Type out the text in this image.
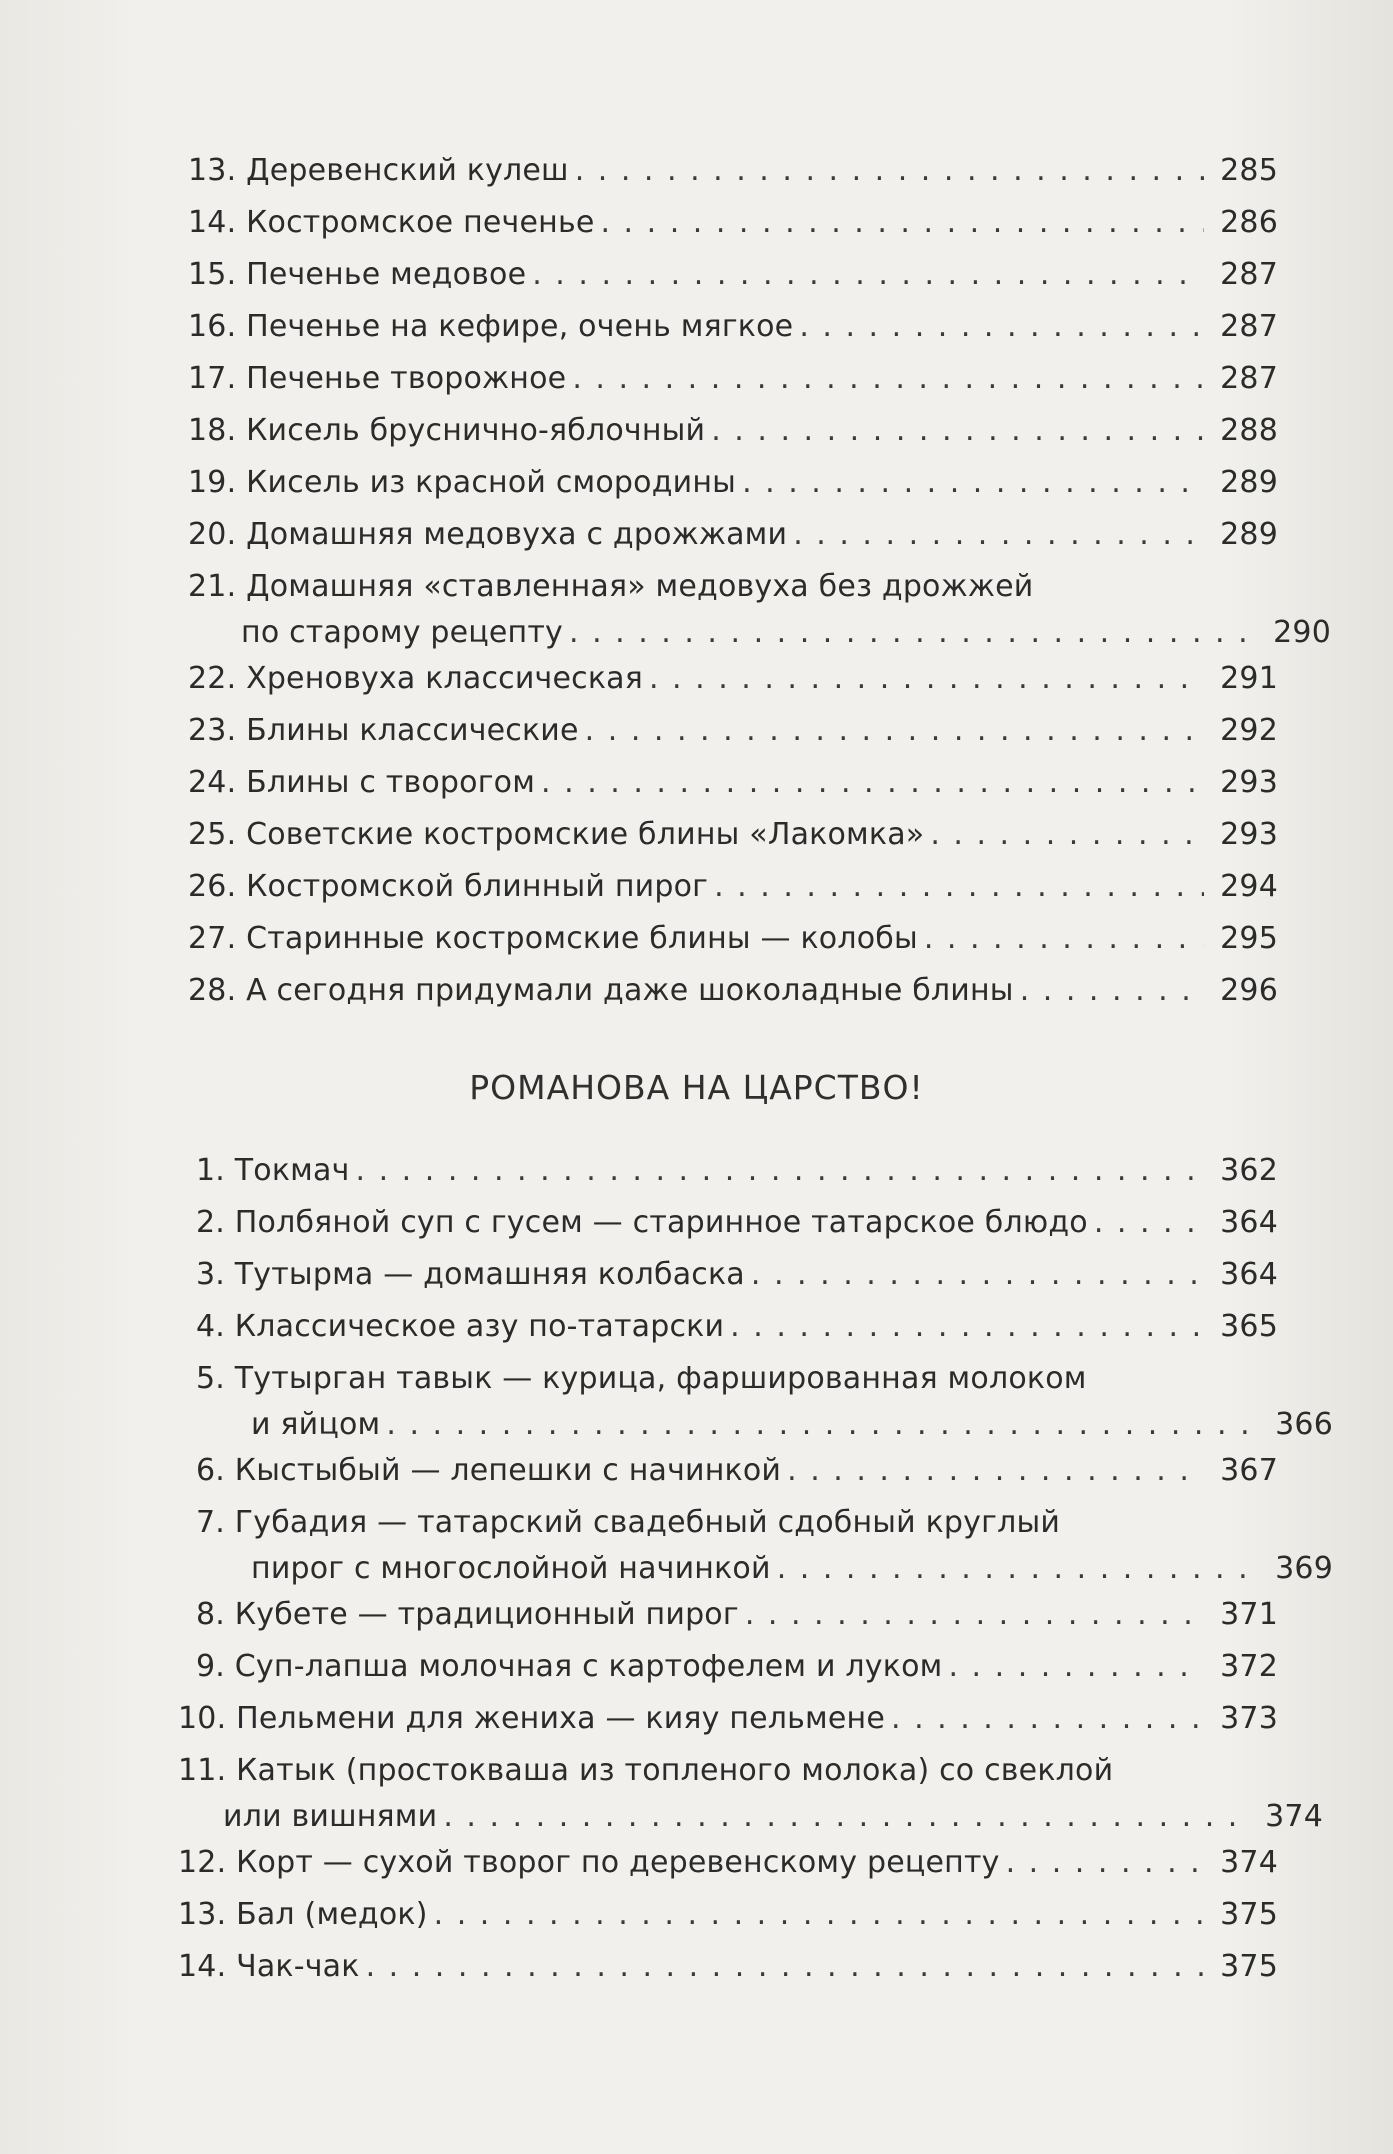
13. Деревенский кулеш . . .	285
14. Костромское печенье . . .	286
15. Печенье медовое . . .	287
16. Печенье на кефире, очень мягкое . . .	287
17. Печенье творожное . . .	287
18. Кисель бруснично-яблочный . . .	288
19. Кисель из красной смородины . . .	289
20. Домашняя медовуха с дрожжами . . .	289
21. Домашняя «ставленная» медовуха без дрожжей
по старому рецепту . . .	290
22. Хреновуха классическая . . .	291
23. Блины классические . . .	292
24. Блины с творогом . . .	293
25. Советские костромские блины «Лакомка» . . .	293
26. Костромской блинный пирог . . .	294
27. Старинные костромские блины — колобы . . .	295
28. А сегодня придумали даже шоколадные блины . . .	296
РОМАНОВА НА ЦАРСТВО!
1. Токмач . . .	362
2. Полбяной суп с гусем — старинное татарское блюдо . . .	364
3. Тутырма — домашняя колбаска . . .	364
4. Классическое азу по-татарски . . .	365
5. Тутырган тавык — курица, фаршированная молоком
и яйцом . . .	366
6. Кыстыбый — лепешки с начинкой . . .	367
7. Губадия — татарский свадебный сдобный круглый
пирог с многослойной начинкой . . .	369
8. Кубете — традиционный пирог . . .	371
9. Суп-лапша молочная с картофелем и луком . . .	372
10. Пельмени для жениха — кияу пельмене . . .	373
11. Катык (простокваша из топленого молока) со свеклой
или вишнями . . .	374
12. Корт — сухой творог по деревенскому рецепту . . .	374
13. Бал (медок) . . .	375
14. Чак-чак . . .	375
